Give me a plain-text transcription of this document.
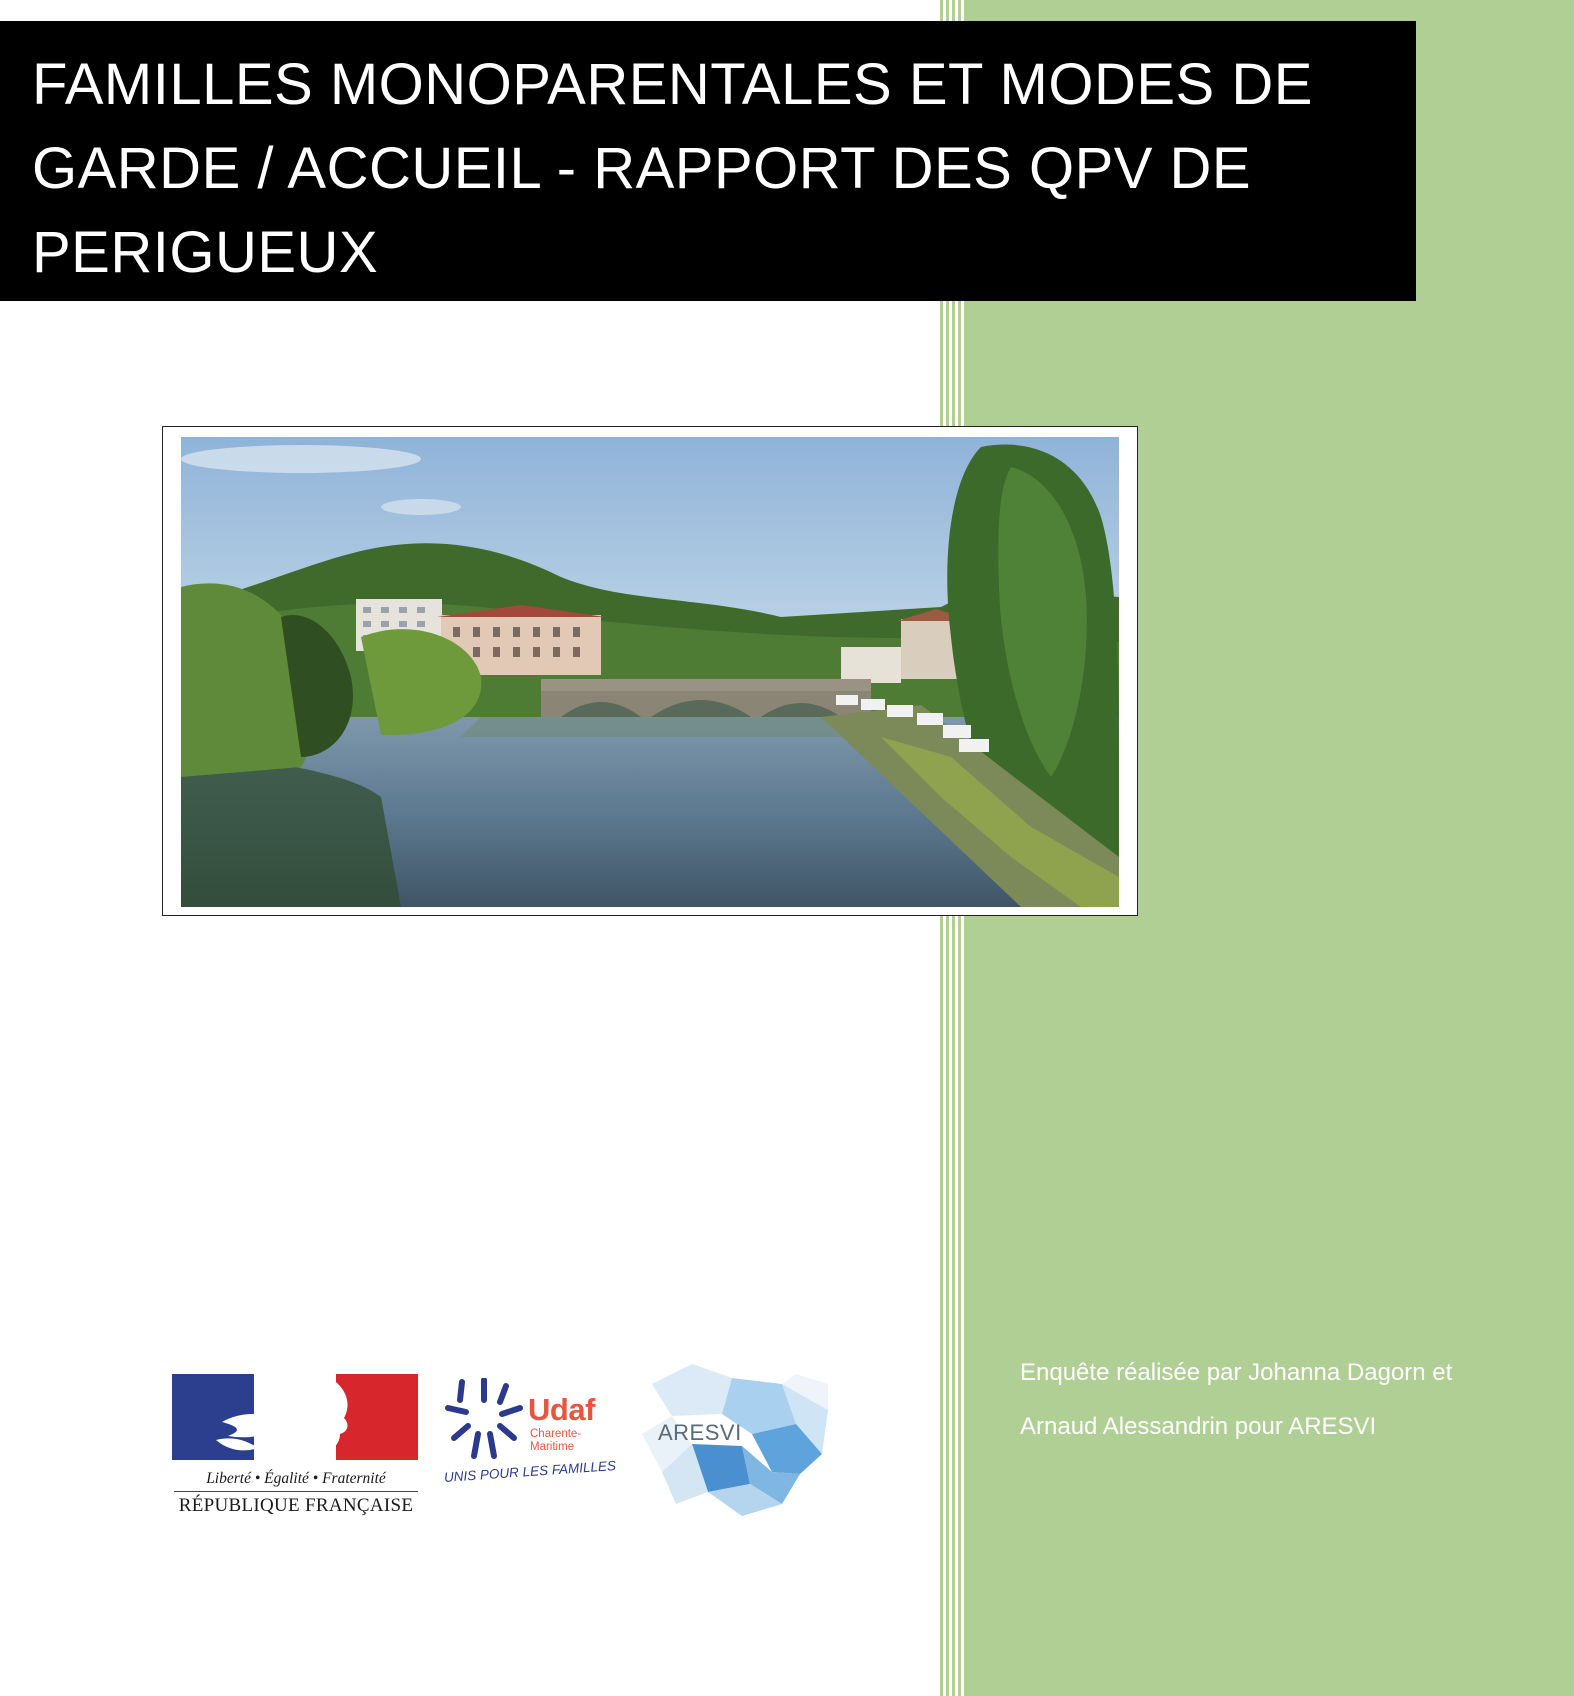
FAMILLES MONOPARENTALES ET MODES DE
GARDE / ACCUEIL - RAPPORT DES QPV DE
PERIGUEUX
Liberté • Égalité • Fraternité
RÉPUBLIQUE FRANÇAISE
Udaf
Charente-
Maritime
UNIS POUR LES FAMILLES
ARESVI

Enquête réalisée par Johanna Dagorn et

Arnaud Alessandrin pour ARESVI
